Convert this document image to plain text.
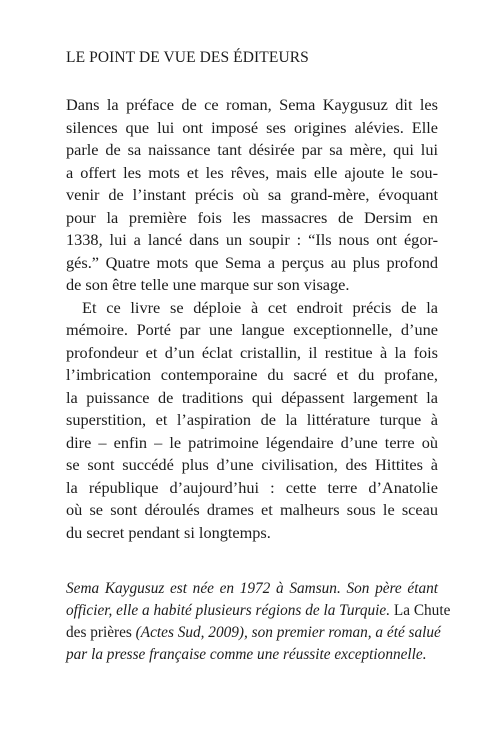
LE POINT DE VUE DES ÉDITEURS
Dans la préface de ce roman, Sema Kaygusuz dit les
silences que lui ont imposé ses origines alévies. Elle
parle de sa naissance tant désirée par sa mère, qui lui
a offert les mots et les rêves, mais elle ajoute le sou-
venir de l’instant précis où sa grand-mère, évoquant
pour la première fois les massacres de Dersim en
1338, lui a lancé dans un soupir : “Ils nous ont égor-
gés.” Quatre mots que Sema a perçus au plus profond
de son être telle une marque sur son visage.
Et ce livre se déploie à cet endroit précis de la
mémoire. Porté par une langue exceptionnelle, d’une
profondeur et d’un éclat cristallin, il restitue à la fois
l’imbrication contemporaine du sacré et du profane,
la puissance de traditions qui dépassent largement la
superstition, et l’aspiration de la littérature turque à
dire – enfin – le patrimoine légendaire d’une terre où
se sont succédé plus d’une civilisation, des Hittites à
la république d’aujourd’hui : cette terre d’Anatolie
où se sont déroulés drames et malheurs sous le sceau
du secret pendant si longtemps.
Sema Kaygusuz est née en 1972 à Samsun. Son père étant
officier, elle a habité plusieurs régions de la Turquie. La Chute
des prières (Actes Sud, 2009), son premier roman, a été salué
par la presse française comme une réussite exceptionnelle.
